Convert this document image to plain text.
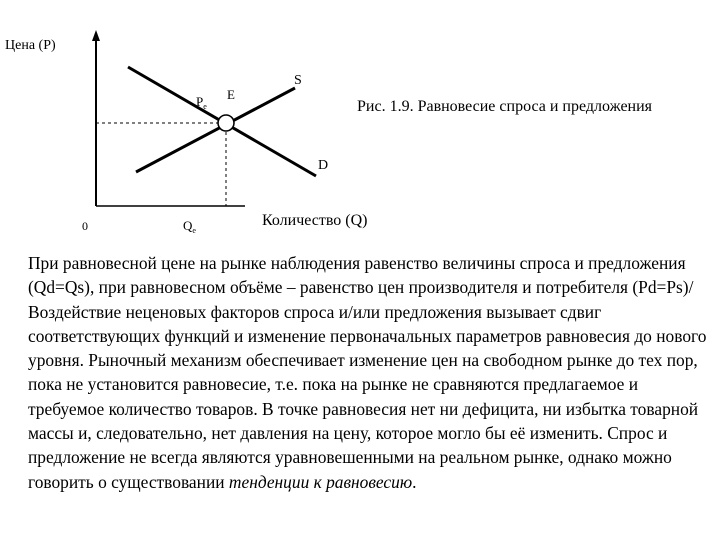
Цена (P)
S
D
E
$P_e$
0	$Q_e$
Рис. 1.9. Равновесие спроса и предложения
Количество (Q)

При равновесной цене на рынке наблюдения равенство величины спроса и предложения (Qd=Qs), при равновесном объёме – равенство цен производителя и потребителя (Pd=Ps)/

Воздействие неценовых факторов спроса и/или предложения вызывает сдвиг соответствующих функций и изменение первоначальных параметров равновесия до нового уровня. Рыночный механизм обеспечивает изменение цен на свободном рынке до тех пор, пока не установится равновесие, т.е. пока на рынке не сравняются предлагаемое и требуемое количество товаров. В точке равновесия нет ни дефицита, ни избытка товарной массы и, следовательно, нет давления на цену, которое могло бы её изменить. Спрос и предложение не всегда являются уравновешенными на реальном рынке, однако можно говорить о существовании тенденции к равновесию.
